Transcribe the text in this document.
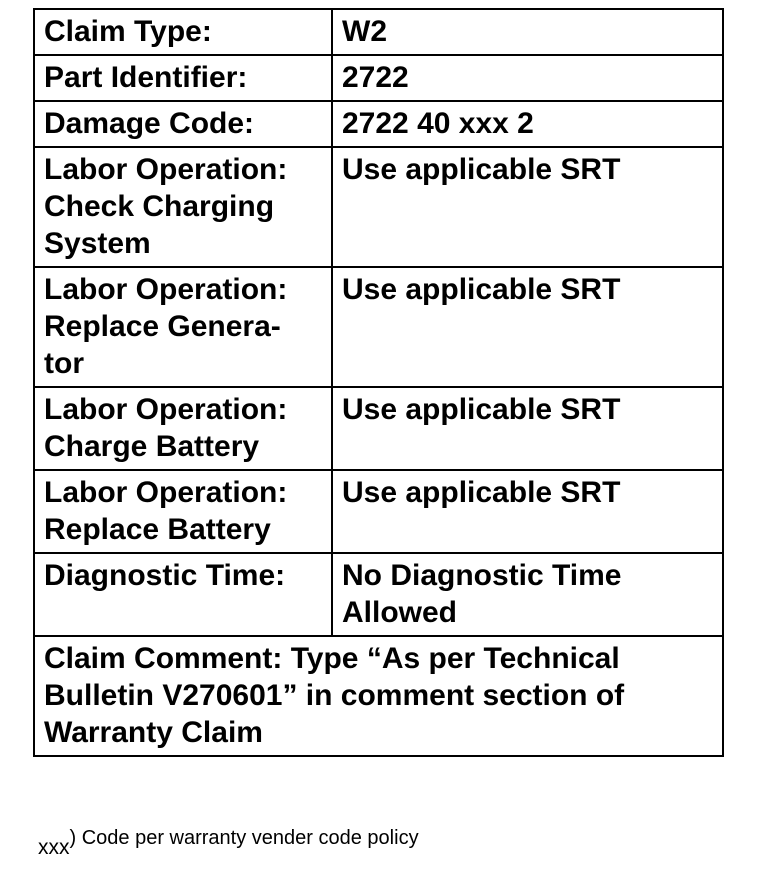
Claim Type:	W2
Part Identifier:	2722
Damage Code:	2722 40 xxx 2
Labor Operation:
Check Charging
System	Use applicable SRT
Labor Operation:
Replace Genera-
tor	Use applicable SRT
Labor Operation:
Charge Battery	Use applicable SRT
Labor Operation:
Replace Battery	Use applicable SRT
Diagnostic Time:	No Diagnostic Time
Allowed
Claim Comment: Type “As per Technical Bulletin V270601” in comment section of Warranty Claim	
xxx) Code per warranty vender code policy
